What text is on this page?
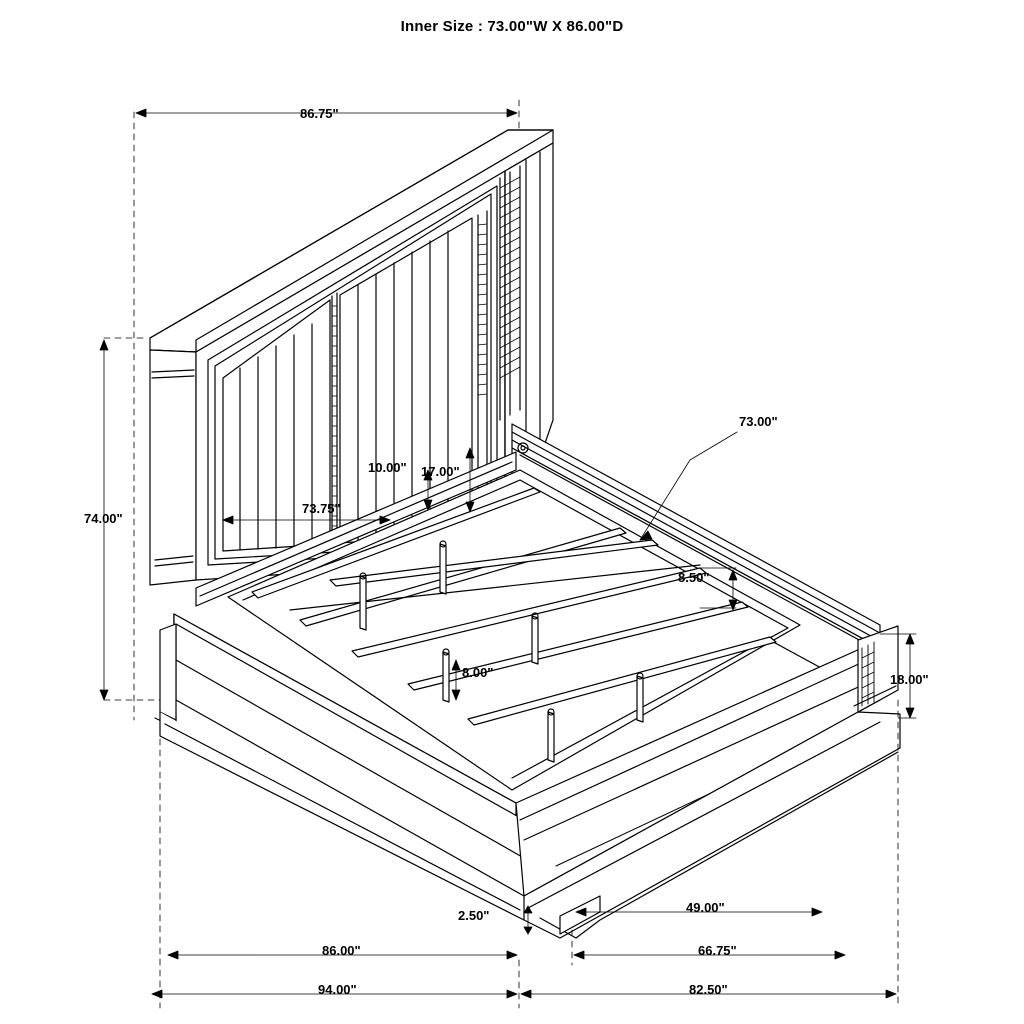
Inner Size : 73.00"W X 86.00"D
86.75"
74.00"
73.75"
17.00"
10.00"
73.00"
8.50"
8.00"	18.00"
2.50"
49.00"
86.00"	66.75"
94.00"	82.50"
